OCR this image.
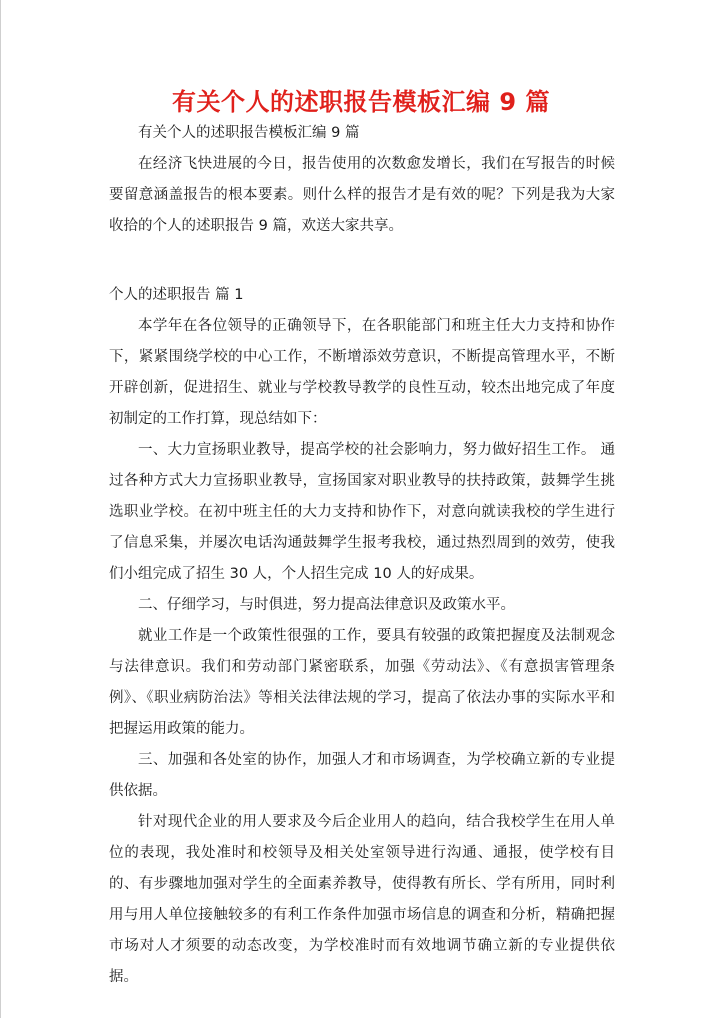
有关个人的述职报告模板汇编 9 篇

有关个人的述职报告模板汇编 9 篇

在经济飞快进展的今日，报告使用的次数愈发增长，我们在写报告的时候要留意涵盖报告的根本要素。则什么样的报告才是有效的呢？下列是我为大家收拾的个人的述职报告 9 篇，欢送大家共享。

个人的述职报告 篇 1

本学年在各位领导的正确领导下，在各职能部门和班主任大力支持和协作下，紧紧围绕学校的中心工作，不断增添效劳意识，不断提高管理水平，不断开辟创新，促进招生、就业与学校教导教学的良性互动，较杰出地完成了年度初制定的工作打算，现总结如下：

一、大力宣扬职业教导，提高学校的社会影响力，努力做好招生工作。 通过各种方式大力宣扬职业教导，宣扬国家对职业教导的扶持政策，鼓舞学生挑选职业学校。在初中班主任的大力支持和协作下，对意向就读我校的学生进行了信息采集，并屡次电话沟通鼓舞学生报考我校，通过热烈周到的效劳，使我们小组完成了招生 30 人，个人招生完成 10 人的好成果。

二、仔细学习，与时俱进，努力提高法律意识及政策水平。

就业工作是一个政策性很强的工作，要具有较强的政策把握度及法制观念与法律意识。我们和劳动部门紧密联系，加强《劳动法》、《有意损害管理条例》、《职业病防治法》等相关法律法规的学习，提高了依法办事的实际水平和把握运用政策的能力。

三、加强和各处室的协作，加强人才和市场调查，为学校确立新的专业提供依据。

针对现代企业的用人要求及今后企业用人的趋向，结合我校学生在用人单位的表现，我处准时和校领导及相关处室领导进行沟通、通报，使学校有目的、有步骤地加强对学生的全面素养教导，使得教有所长、学有所用，同时利用与用人单位接触较多的有利工作条件加强市场信息的调查和分析，精确把握市场对人才须要的动态改变，为学校准时而有效地调节确立新的专业提供依据。
